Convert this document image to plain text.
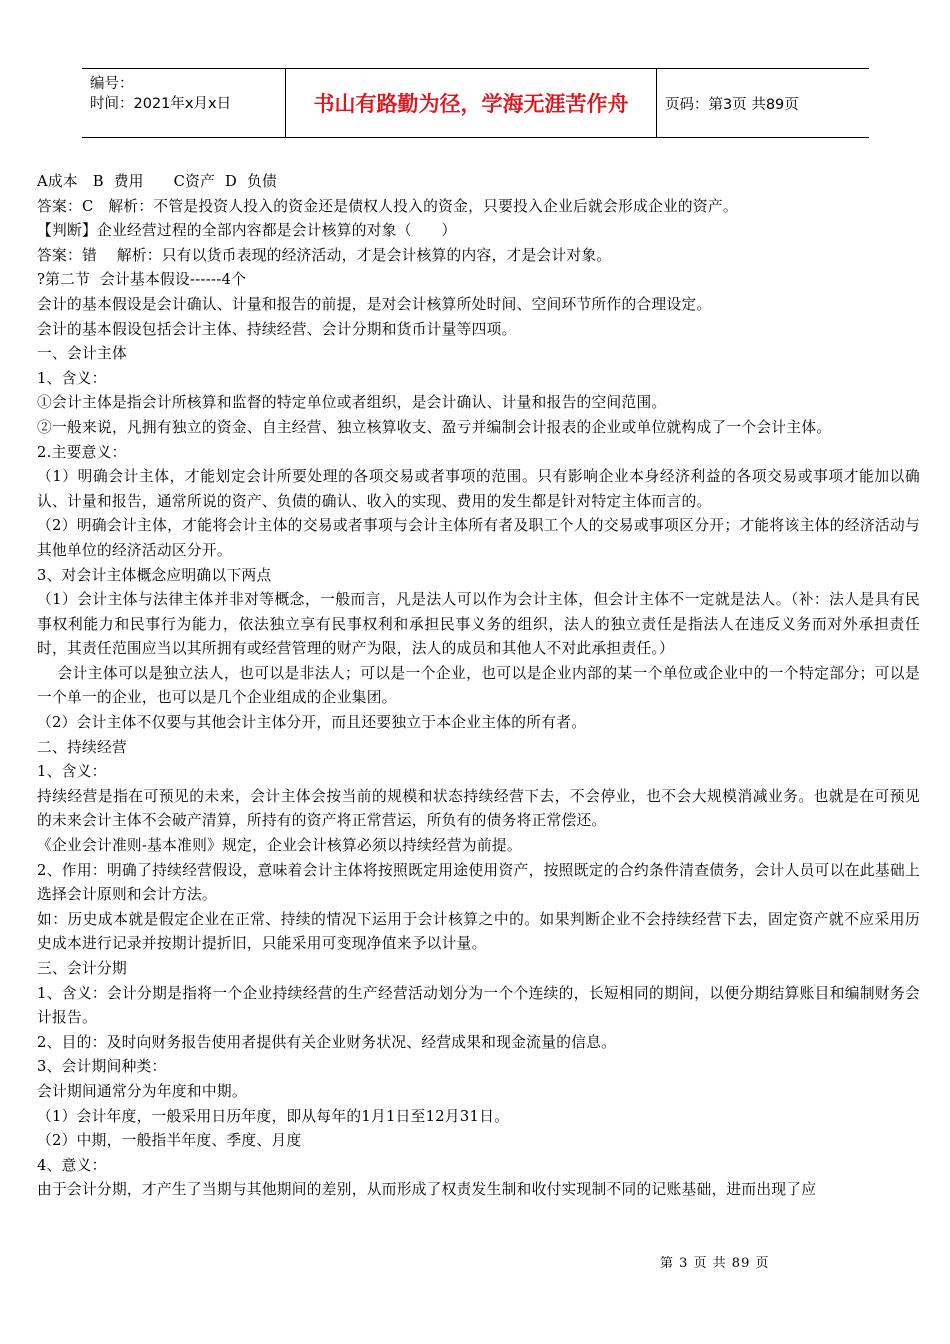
编号：
时间：2021年x月x日	书山有路勤为径，学海无涯苦作舟	页码：第3页 共89页

A成本   B  费用      C资产  D  负债

答案：C   解析：不管是投资人投入的资金还是债权人投入的资金，只要投入企业后就会形成企业的资产。

【判断】企业经营过程的全部内容都是会计核算的对象（      ）

答案：错    解析：只有以货币表现的经济活动，才是会计核算的内容，才是会计对象。

?第二节  会计基本假设------4个

会计的基本假设是会计确认、计量和报告的前提，是对会计核算所处时间、空间环节所作的合理设定。

会计的基本假设包括会计主体、持续经营、会计分期和货币计量等四项。

一、会计主体

1、含义：

①会计主体是指会计所核算和监督的特定单位或者组织，是会计确认、计量和报告的空间范围。

②一般来说，凡拥有独立的资金、自主经营、独立核算收支、盈亏并编制会计报表的企业或单位就构成了一个会计主体。

2.主要意义：

（1）明确会计主体，才能划定会计所要处理的各项交易或者事项的范围。只有影响企业本身经济利益的各项交易或事项才能加以确认、计量和报告，通常所说的资产、负债的确认、收入的实现、费用的发生都是针对特定主体而言的。

（2）明确会计主体，才能将会计主体的交易或者事项与会计主体所有者及职工个人的交易或事项区分开；才能将该主体的经济活动与其他单位的经济活动区分开。

3、对会计主体概念应明确以下两点

（1）会计主体与法律主体并非对等概念，一般而言，凡是法人可以作为会计主体，但会计主体不一定就是法人。（补：法人是具有民事权利能力和民事行为能力，依法独立享有民事权利和承担民事义务的组织，法人的独立责任是指法人在违反义务而对外承担责任时，其责任范围应当以其所拥有或经营管理的财产为限，法人的成员和其他人不对此承担责任。）

会计主体可以是独立法人，也可以是非法人；可以是一个企业，也可以是企业内部的某一个单位或企业中的一个特定部分；可以是一个单一的企业，也可以是几个企业组成的企业集团。

（2）会计主体不仅要与其他会计主体分开，而且还要独立于本企业主体的所有者。

二、持续经营

1、含义：

持续经营是指在可预见的未来，会计主体会按当前的规模和状态持续经营下去，不会停业，也不会大规模消减业务。也就是在可预见的未来会计主体不会破产清算，所持有的资产将正常营运，所负有的债务将正常偿还。

《企业会计准则-基本准则》规定，企业会计核算必须以持续经营为前提。

2、作用：明确了持续经营假设，意味着会计主体将按照既定用途使用资产，按照既定的合约条件清查债务，会计人员可以在此基础上选择会计原则和会计方法。

如：历史成本就是假定企业在正常、持续的情况下运用于会计核算之中的。如果判断企业不会持续经营下去，固定资产就不应采用历史成本进行记录并按期计提折旧，只能采用可变现净值来予以计量。

三、会计分期

1、含义：会计分期是指将一个企业持续经营的生产经营活动划分为一个个连续的，长短相同的期间，以便分期结算账目和编制财务会计报告。

2、目的：及时向财务报告使用者提供有关企业财务状况、经营成果和现金流量的信息。

3、会计期间种类：

会计期间通常分为年度和中期。

（1）会计年度，一般采用日历年度，即从每年的1月1日至12月31日。

（2）中期，一般指半年度、季度、月度

4、意义：

由于会计分期，才产生了当期与其他期间的差别，从而形成了权责发生制和收付实现制不同的记账基础，进而出现了应

第 3 页 共 89 页
